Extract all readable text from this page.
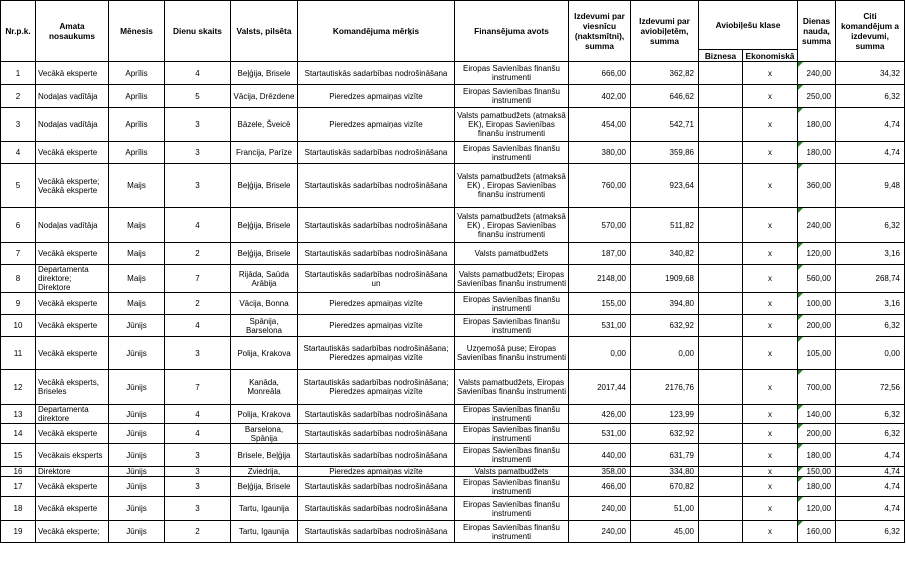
Nr.p.k.	Amata nosaukums	Mēnesis	Dienu skaits	Valsts, pilsēta	Komandējuma mērķis	Finansējuma avots	Izdevumi par viesnīcu (naktsmītni), summa	Izdevumi par aviobiļetēm, summa	Aviobiļešu klase		Dienas nauda, summa	Citi komandējum a izdevumi, summa
									Biznesa	Ekonomiskā		
1	Vecākā eksperte	Aprīlis	4	Beļģija, Brisele	Startautiskās sadarbības nodrošināšana	Eiropas Savienības finanšu instrumenti	666,00	362,82		x	240,00	34,32
2	Nodaļas vadītāja	Aprīlis	5	Vācija, Drēzdene	Pieredzes apmaiņas vizīte	Eiropas Savienības finanšu instrumenti	402,00	646,62		x	250,00	6,32
3	Nodaļas vadītāja	Aprīlis	3	Bāzele, Šveicē	Pieredzes apmaiņas vizīte	Valsts pamatbudžets (atmaksā EK), Eiropas Savienības finanšu instrumenti	454,00	542,71		x	180,00	4,74
4	Vecākā eksperte	Aprīlis	3	Francija, Parīze	Startautiskās sadarbības nodrošināšana	Eiropas Savienības finanšu instrumenti	380,00	359,86		x	180,00	4,74
5	Vecākā eksperte; Vecākā eksperte	Maijs	3	Beļģija, Brisele	Startautiskās sadarbības nodrošināšana	Valsts pamatbudžets (atmaksā EK) , Eiropas Savienības finanšu instrumenti	760,00	923,64		x	360,00	9,48
6	Nodaļas vadītāja	Maijs	4	Beļģija, Brisele	Startautiskās sadarbības nodrošināšana	Valsts pamatbudžets (atmaksā EK) , Eiropas Savienības finanšu instrumenti	570,00	511,82		x	240,00	6,32
7	Vecākā eksperte	Maijs	2	Beļģija, Brisele	Startautiskās sadarbības nodrošināšana	Valsts pamatbudžets	187,00	340,82		x	120,00	3,16
8	Departamenta direktore; Direktore	Maijs	7	Rijāda, Saūda Arābija	Startautiskās sadarbības nodrošināšana un	Valsts pamatbudžets; Eiropas Savienības finanšu instrumenti	2148,00	1909,68		x	560,00	268,74
9	Vecākā eksperte	Maijs	2	Vācija, Bonna	Pieredzes apmaiņas vizīte	Eiropas Savienības finanšu instrumenti	155,00	394,80		x	100,00	3,16
10	Vecākā eksperte	Jūnijs	4	Spānija, Barselona	Pieredzes apmaiņas vizīte	Eiropas Savienības finanšu instrumenti	531,00	632,92		x	200,00	6,32
11	Vecākā eksperte	Jūnijs	3	Polija, Krakova	Startautiskās sadarbības nodrošināšana; Pieredzes apmaiņas vizīte	Uzņemošā puse; Eiropas Savienības finanšu instrumenti	0,00	0,00		x	105,00	0,00
12	Vecākā eksperts, Briseles	Jūnijs	7	Kanāda, Monreāla	Startautiskās sadarbības nodrošināšana; Pieredzes apmaiņas vizīte	Valsts pamatbudžets, Eiropas Savienības finanšu instrumenti	2017,44	2176,76		x	700,00	72,56
13	Departamenta direktore	Jūnijs	4	Polija, Krakova	Startautiskās sadarbības nodrošināšana	Eiropas Savienības finanšu instrumenti	426,00	123,99		x	140,00	6,32
14	Vecākā eksperte	Jūnijs	4	Barselona, Spānija	Startautiskās sadarbības nodrošināšana	Eiropas Savienības finanšu instrumenti	531,00	632,92		x	200,00	6,32
15	Vecākais eksperts	Jūnijs	3	Brisele, Beļģija	Startautiskās sadarbības nodrošināšana	Eiropas Savienības finanšu instrumenti	440,00	631,79		x	180,00	4,74
16	Direktore	Jūnijs	3	Zviedrija,	Pieredzes apmaiņas vizīte	Valsts pamatbudžets	358,00	334,80		x	150,00	4,74
17	Vecākā eksperte	Jūnijs	3	Beļģija, Brisele	Startautiskās sadarbības nodrošināšana	Eiropas Savienības finanšu instrumenti	466,00	670,82		x	180,00	4,74
18	Vecākā eksperte	Jūnijs	3	Tartu, Igaunija	Startautiskās sadarbības nodrošināšana	Eiropas Savienības finanšu instrumenti	240,00	51,00		x	120,00	4,74
19	Vecākā eksperte;	Jūnijs	2	Tartu, Igaunija	Startautiskās sadarbības nodrošināšana	Eiropas Savienības finanšu instrumenti	240,00	45,00		x	160,00	6,32
